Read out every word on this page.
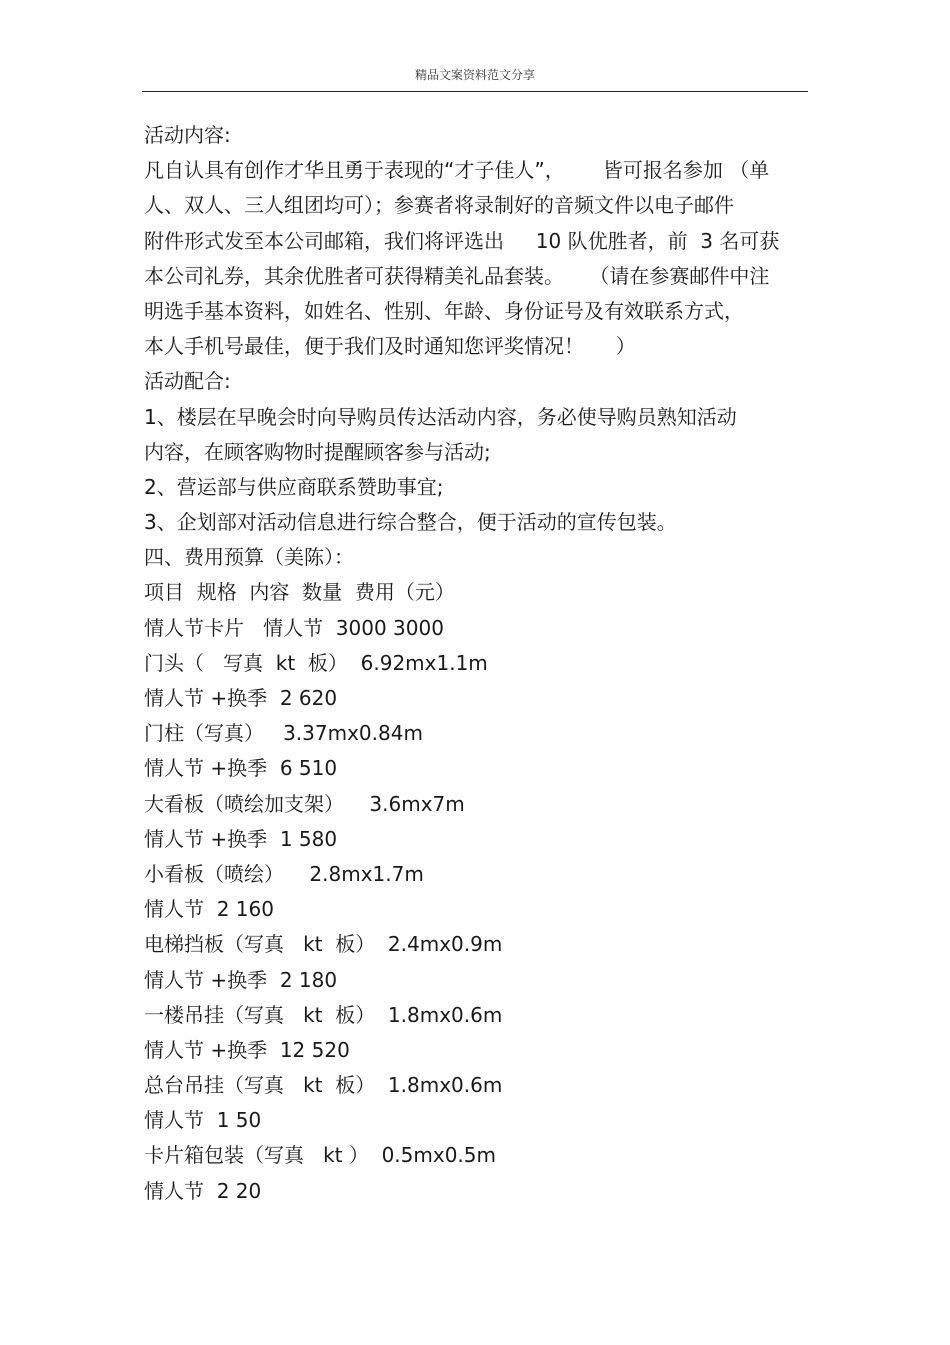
精品文案资料范文分享
活动内容:
凡自认具有创作才华且勇于表现的“才子佳人”，      皆可报名参加 （单
人、双人、三人组团均可）；参赛者将录制好的音频文件以电子邮件
附件形式发至本公司邮箱，我们将评选出     10 队优胜者，前  3 名可获
本公司礼券，其余优胜者可获得精美礼品套装。    （请在参赛邮件中注
明选手基本资料，如姓名、性别、年龄、身份证号及有效联系方式，
本人手机号最佳，便于我们及时通知您评奖情况！     ）
活动配合:
1、楼层在早晚会时向导购员传达活动内容，务必使导购员熟知活动
内容，在顾客购物时提醒顾客参与活动;
2、营运部与供应商联系赞助事宜;
3、企划部对活动信息进行综合整合，便于活动的宣传包装。
四、费用预算（美陈）：
项目  规格  内容  数量  费用（元）
情人节卡片   情人节  3000 3000
门头（   写真  kt  板）  6.92mx1.1m
情人节 +换季  2 620
门柱（写真）   3.37mx0.84m
情人节 +换季  6 510
大看板（喷绘加支架）    3.6mx7m
情人节 +换季  1 580
小看板（喷绘）    2.8mx1.7m
情人节  2 160
电梯挡板（写真   kt  板）  2.4mx0.9m
情人节 +换季  2 180
一楼吊挂（写真   kt  板）  1.8mx0.6m
情人节 +换季  12 520
总台吊挂（写真   kt  板）  1.8mx0.6m
情人节  1 50
卡片箱包装（写真   kt ）  0.5mx0.5m
情人节  2 20
